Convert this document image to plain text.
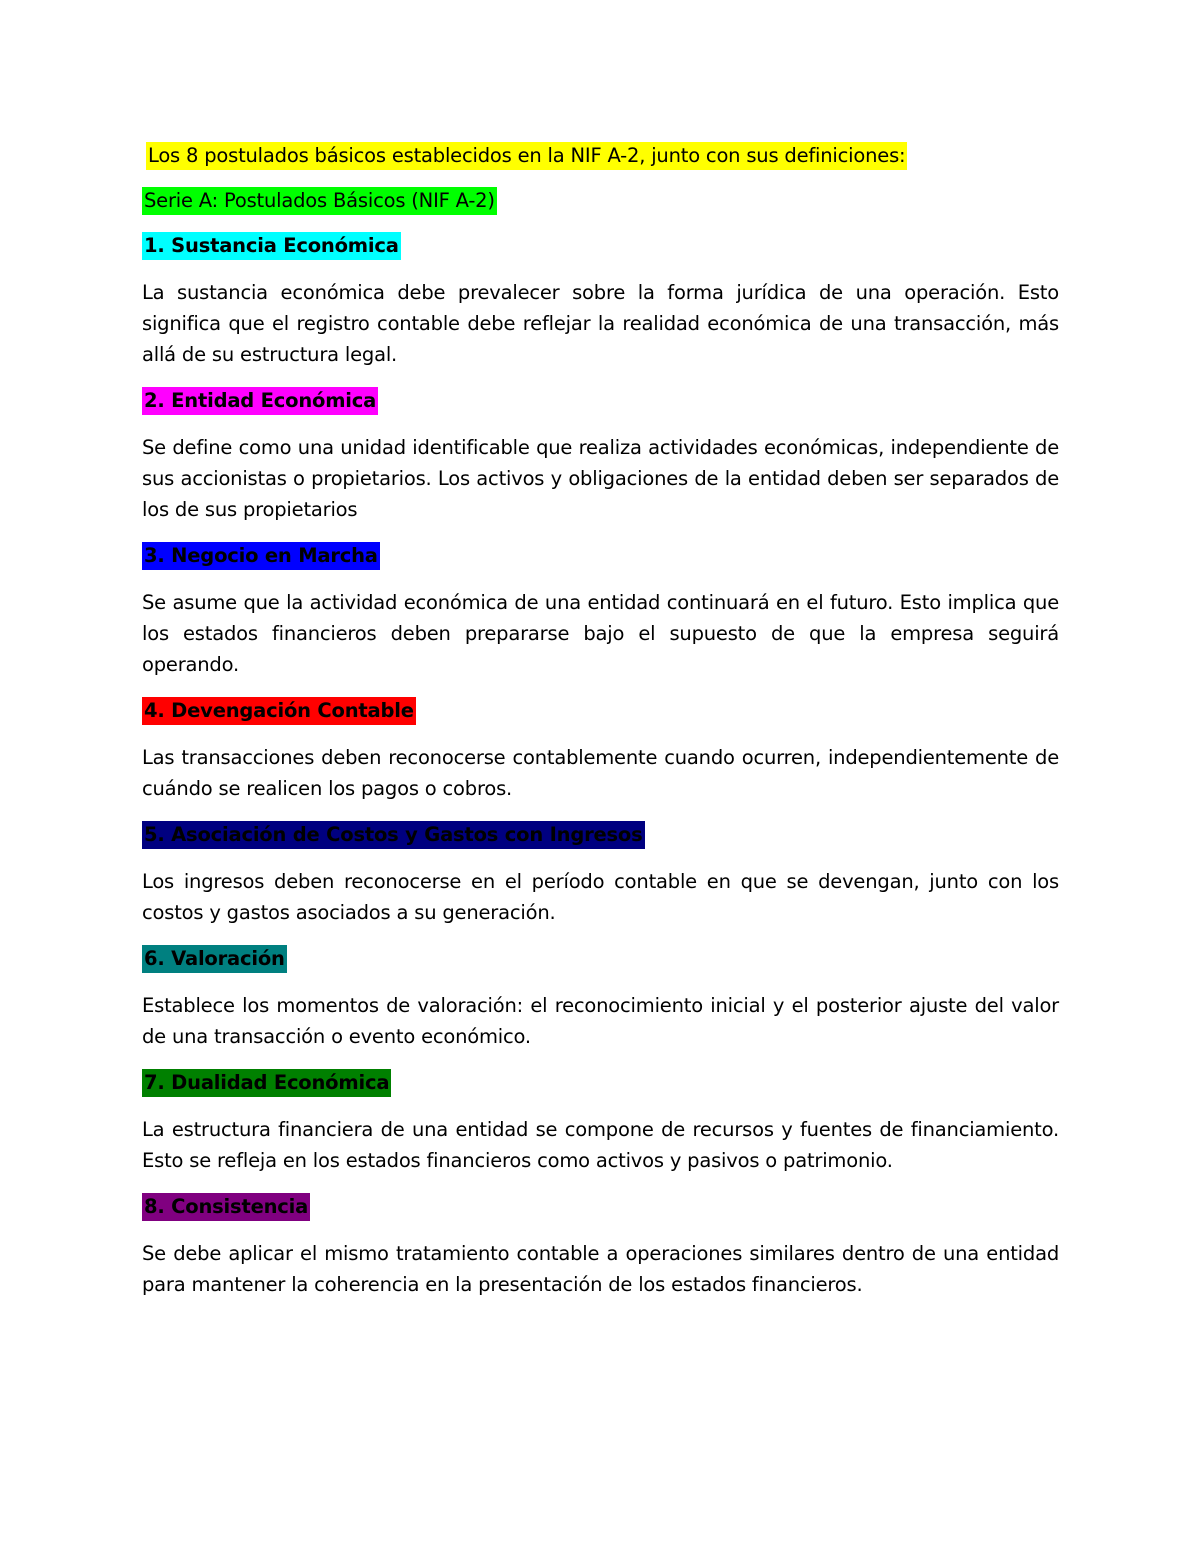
Los 8 postulados básicos establecidos en la NIF A-2, junto con sus definiciones:
Serie A: Postulados Básicos (NIF A-2)
1. Sustancia Económica
La sustancia económica debe prevalecer sobre la forma jurídica de una operación. Esto significa que el registro contable debe reflejar la realidad económica de una transacción, más allá de su estructura legal.
2. Entidad Económica
Se define como una unidad identificable que realiza actividades económicas, independiente de sus accionistas o propietarios. Los activos y obligaciones de la entidad deben ser separados de los de sus propietarios
3. Negocio en Marcha
Se asume que la actividad económica de una entidad continuará en el futuro. Esto implica que los estados financieros deben prepararse bajo el supuesto de que la empresa seguirá operando.
4. Devengación Contable
Las transacciones deben reconocerse contablemente cuando ocurren, independientemente de cuándo se realicen los pagos o cobros.
5. Asociación de Costos y Gastos con Ingresos
Los ingresos deben reconocerse en el período contable en que se devengan, junto con los costos y gastos asociados a su generación.
6. Valoración
Establece los momentos de valoración: el reconocimiento inicial y el posterior ajuste del valor de una transacción o evento económico.
7. Dualidad Económica
La estructura financiera de una entidad se compone de recursos y fuentes de financiamiento. Esto se refleja en los estados financieros como activos y pasivos o patrimonio.
8. Consistencia
Se debe aplicar el mismo tratamiento contable a operaciones similares dentro de una entidad para mantener la coherencia en la presentación de los estados financieros.
